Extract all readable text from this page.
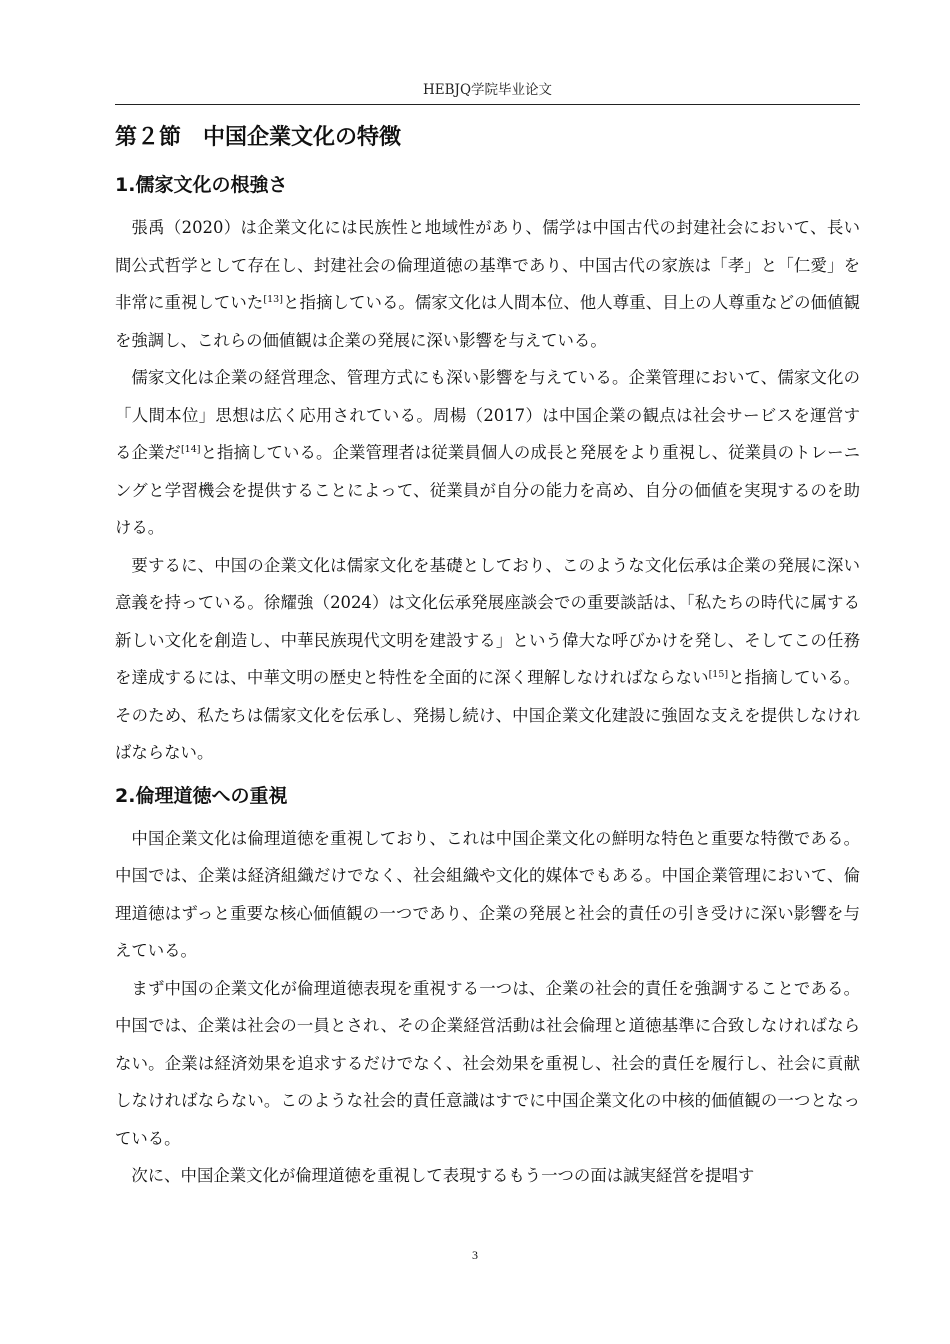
HEBJQ学院毕业论文
第２節　中国企業文化の特徴
1.儒家文化の根強さ

張禹（2020）は企業文化には民族性と地域性があり、儒学は中国古代の封建社会において、長い間公式哲学として存在し、封建社会の倫理道徳の基準であり、中国古代の家族は「孝」と「仁愛」を非常に重視していた[13]と指摘している。儒家文化は人間本位、他人尊重、目上の人尊重などの価値観を強調し、これらの価値観は企業の発展に深い影響を与えている。

儒家文化は企業の経営理念、管理方式にも深い影響を与えている。企業管理において、儒家文化の「人間本位」思想は広く応用されている。周楊（2017）は中国企業の観点は社会サービスを運営する企業だ[14]と指摘している。企業管理者は従業員個人の成長と発展をより重視し、従業員のトレーニングと学習機会を提供することによって、従業員が自分の能力を高め、自分の価値を実現するのを助ける。

要するに、中国の企業文化は儒家文化を基礎としており、このような文化伝承は企業の発展に深い意義を持っている。徐耀強（2024）は文化伝承発展座談会での重要談話は、「私たちの時代に属する新しい文化を創造し、中華民族現代文明を建設する」という偉大な呼びかけを発し、そしてこの任務を達成するには、中華文明の歴史と特性を全面的に深く理解しなければならない[15]と指摘している。そのため、私たちは儒家文化を伝承し、発揚し続け、中国企業文化建設に強固な支えを提供しなければならない。

2.倫理道徳への重視

中国企業文化は倫理道徳を重視しており、これは中国企業文化の鮮明な特色と重要な特徴である。中国では、企業は経済組織だけでなく、社会組織や文化的媒体でもある。中国企業管理において、倫理道徳はずっと重要な核心価値観の一つであり、企業の発展と社会的責任の引き受けに深い影響を与えている。

まず中国の企業文化が倫理道徳表現を重視する一つは、企業の社会的責任を強調することである。中国では、企業は社会の一員とされ、その企業経営活動は社会倫理と道徳基準に合致しなければならない。企業は経済効果を追求するだけでなく、社会効果を重視し、社会的責任を履行し、社会に貢献しなければならない。このような社会的責任意識はすでに中国企業文化の中核的価値観の一つとなっている。

次に、中国企業文化が倫理道徳を重視して表現するもう一つの面は誠実経営を提唱す

3
